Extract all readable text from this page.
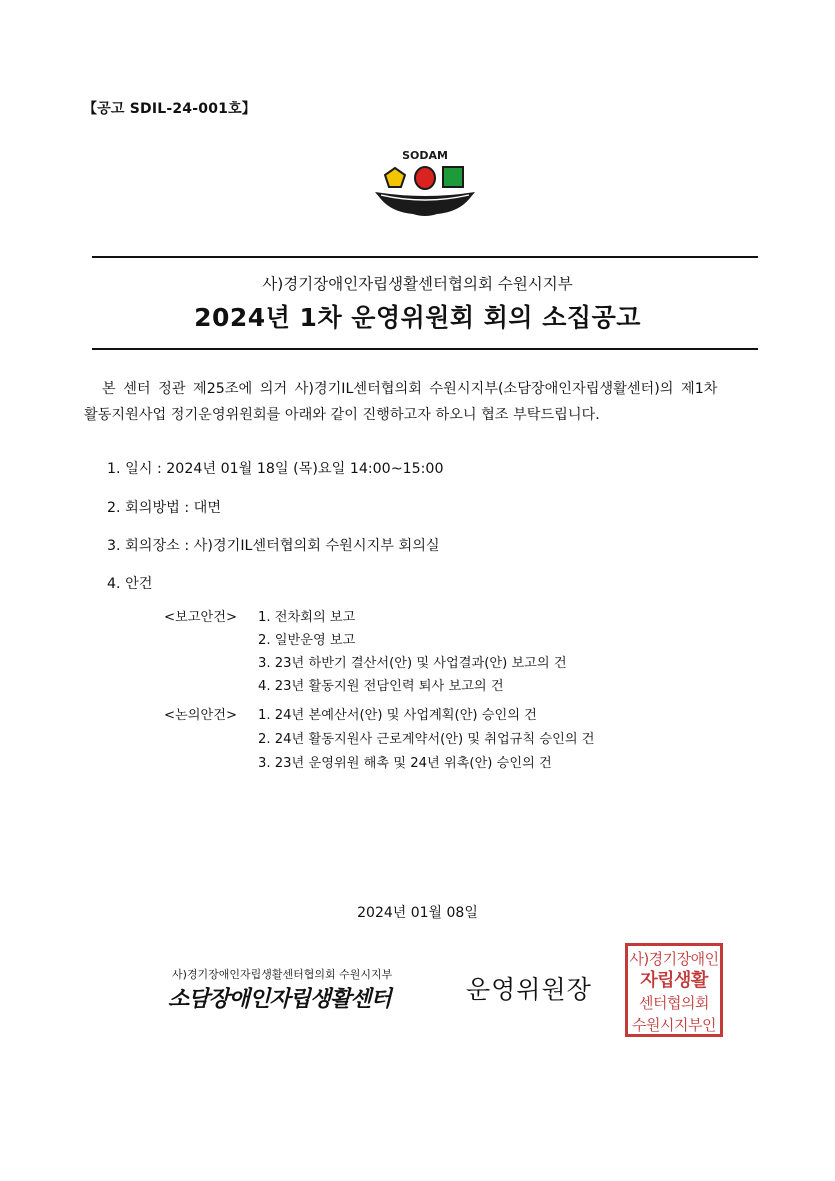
【공고 SDIL-24-001호】
SODAM
사)경기장애인자립생활센터협의회 수원시지부
2024년 1차 운영위원회 회의 소집공고

본 센터 정관 제25조에 의거 사)경기IL센터협의회 수원시지부(소담장애인자립생활센터)의 제1차

활동지원사업 정기운영위원회를 아래와 같이 진행하고자 하오니 협조 부탁드립니다.

1. 일시 : 2024년 01월 18일 (목)요일 14:00~15:00
2. 회의방법 : 대면
3. 회의장소 : 사)경기IL센터협의회 수원시지부 회의실
4. 안건
<보고안건> 1. 전차회의 보고
2. 일반운영 보고
3. 23년 하반기 결산서(안) 및 사업결과(안) 보고의 건
4. 23년 활동지원 전담인력 퇴사 보고의 건
<논의안건> 1. 24년 본예산서(안) 및 사업계획(안) 승인의 건
2. 24년 활동지원사 근로계약서(안) 및 취업규칙 승인의 건
3. 23년 운영위원 해촉 및 24년 위촉(안) 승인의 건
2024년 01월 08일
사)경기장애인자립생활센터협의회 수원시지부
소담장애인자립생활센터	운영위원장
사)경기장애인
자립생활
센터협의회
수원시지부인
